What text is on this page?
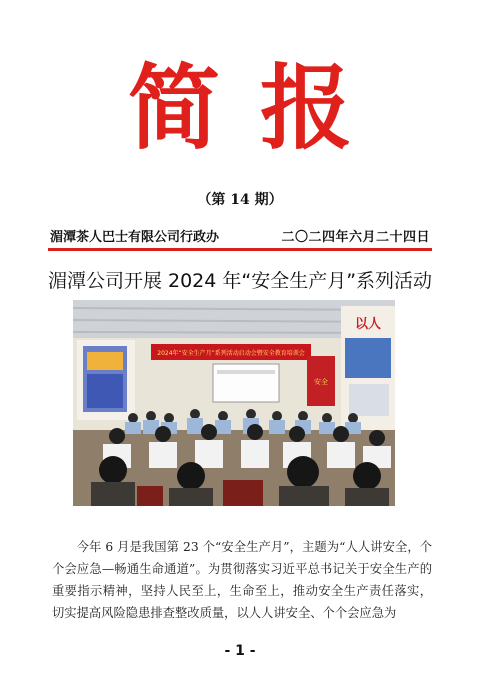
简报
（第 14 期）
湄潭茶人巴士有限公司行政办	二〇二四年六月二十四日
湄潭公司开展 2024 年“安全生产月”系列活动
2024年“安全生产月”系列活动启动会暨安全教育培训会
安全
以人

今年 6 月是我国第 23 个“安全生产月”，主题为“人人讲安全，个个会应急—畅通生命通道”。为贯彻落实习近平总书记关于安全生产的重要指示精神，坚持人民至上，生命至上，推动安全生产责任落实，切实提高风险隐患排查整改质量，以人人讲安全、个个会应急为

- 1 -
